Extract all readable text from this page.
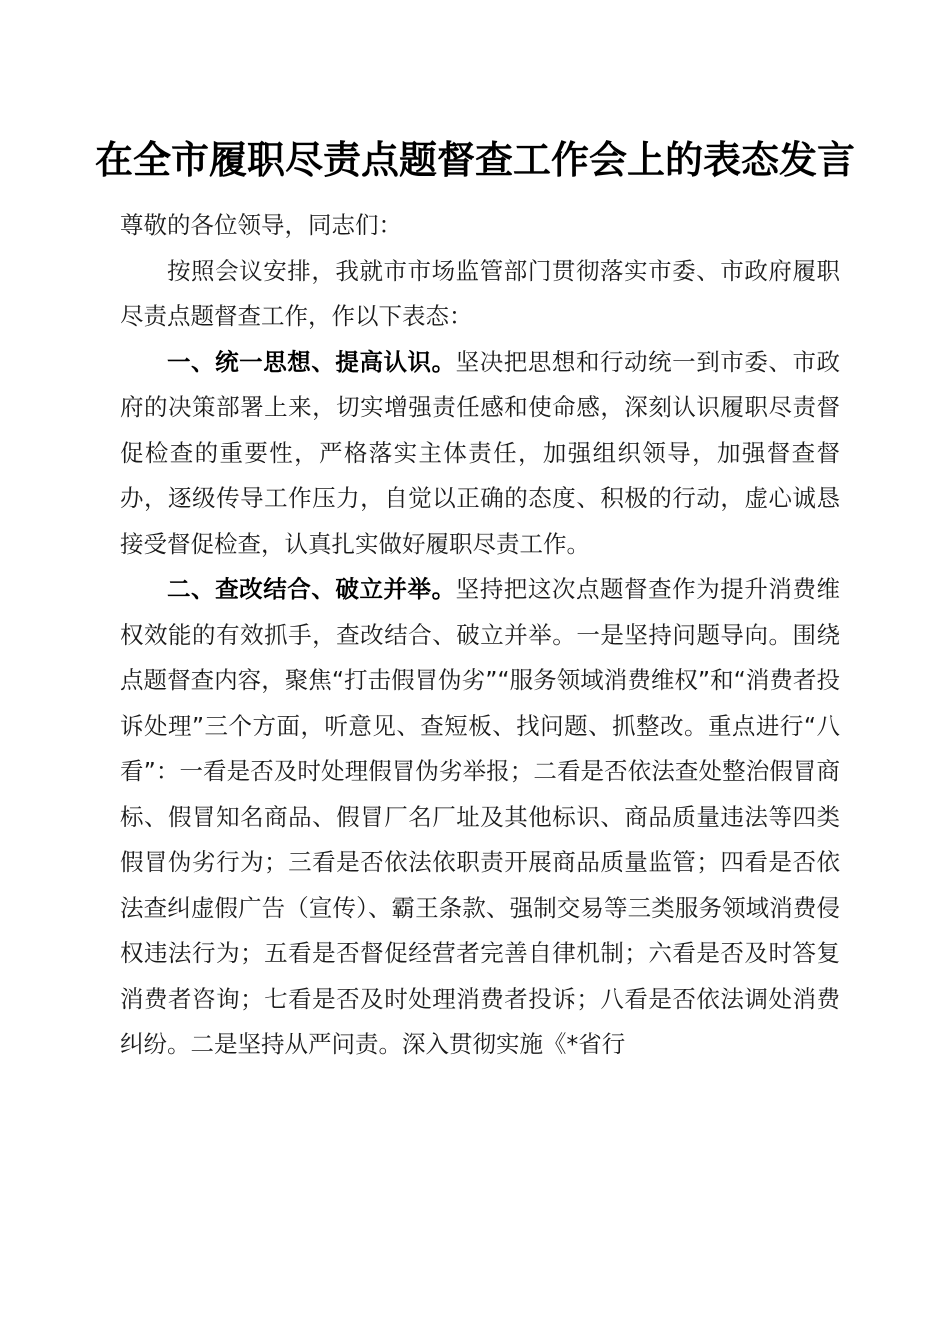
在全市履职尽责点题督查工作会上的表态发言

尊敬的各位领导，同志们：

按照会议安排，我就市市场监管部门贯彻落实市委、市政府履职尽责点题督查工作，作以下表态：

一、统一思想、提高认识。坚决把思想和行动统一到市委、市政府的决策部署上来，切实增强责任感和使命感，深刻认识履职尽责督促检查的重要性，严格落实主体责任，加强组织领导，加强督查督办，逐级传导工作压力，自觉以正确的态度、积极的行动，虚心诚恳接受督促检查，认真扎实做好履职尽责工作。

二、查改结合、破立并举。坚持把这次点题督查作为提升消费维权效能的有效抓手，查改结合、破立并举。一是坚持问题导向。围绕点题督查内容，聚焦“打击假冒伪劣”“服务领域消费维权”和“消费者投诉处理”三个方面，听意见、查短板、找问题、抓整改。重点进行“八看”：一看是否及时处理假冒伪劣举报；二看是否依法查处整治假冒商标、假冒知名商品、假冒厂名厂址及其他标识、商品质量违法等四类假冒伪劣行为；三看是否依法依职责开展商品质量监管；四看是否依法查纠虚假广告（宣传）、霸王条款、强制交易等三类服务领域消费侵权违法行为；五看是否督促经营者完善自律机制；六看是否及时答复消费者咨询；七看是否及时处理消费者投诉；八看是否依法调处消费纠纷。二是坚持从严问责。深入贯彻实施《*省行
